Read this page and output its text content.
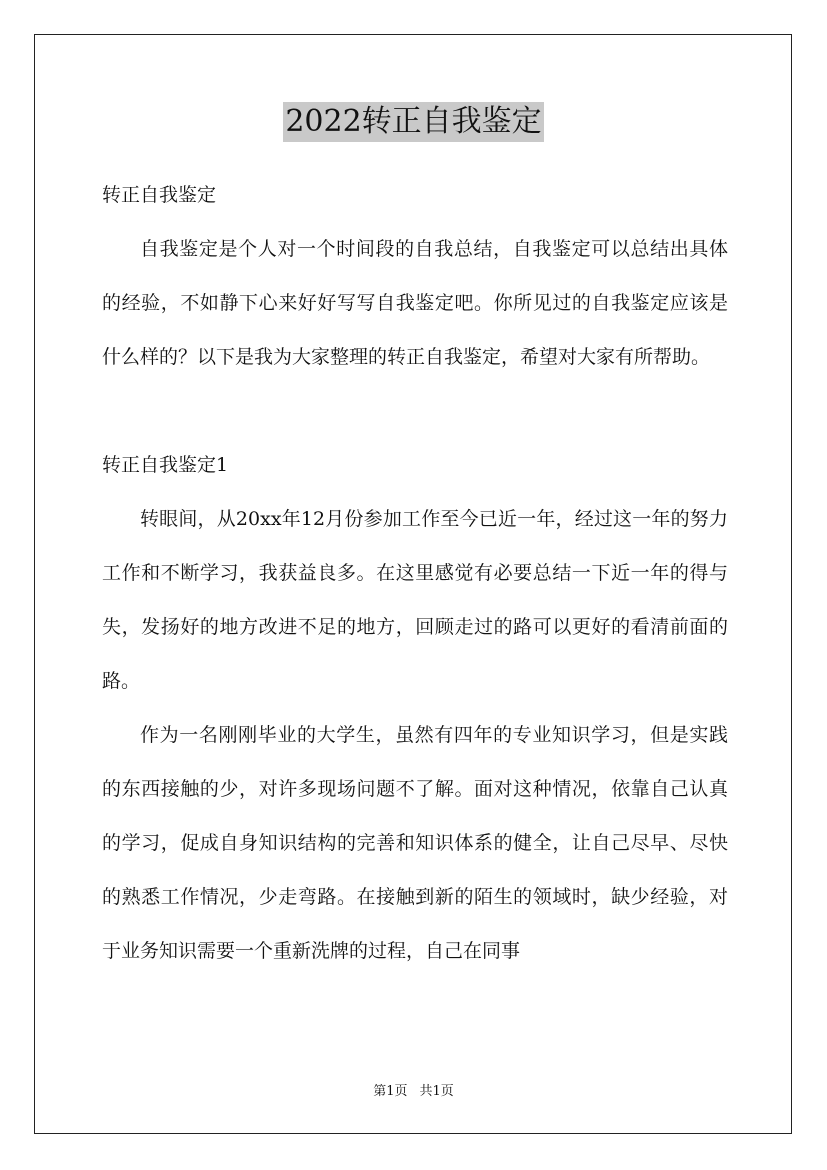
2022转正自我鉴定

转正自我鉴定

自我鉴定是个人对一个时间段的自我总结，自我鉴定可以总结出具体的经验，不如静下心来好好写写自我鉴定吧。你所见过的自我鉴定应该是什么样的？以下是我为大家整理的转正自我鉴定，希望对大家有所帮助。

转正自我鉴定1

转眼间，从20xx年12月份参加工作至今已近一年，经过这一年的努力工作和不断学习，我获益良多。在这里感觉有必要总结一下近一年的得与失，发扬好的地方改进不足的地方，回顾走过的路可以更好的看清前面的路。

作为一名刚刚毕业的大学生，虽然有四年的专业知识学习，但是实践的东西接触的少，对许多现场问题不了解。面对这种情况，依靠自己认真的学习，促成自身知识结构的完善和知识体系的健全，让自己尽早、尽快的熟悉工作情况，少走弯路。在接触到新的陌生的领域时，缺少经验，对于业务知识需要一个重新洗牌的过程，自己在同事

第1页 共1页
